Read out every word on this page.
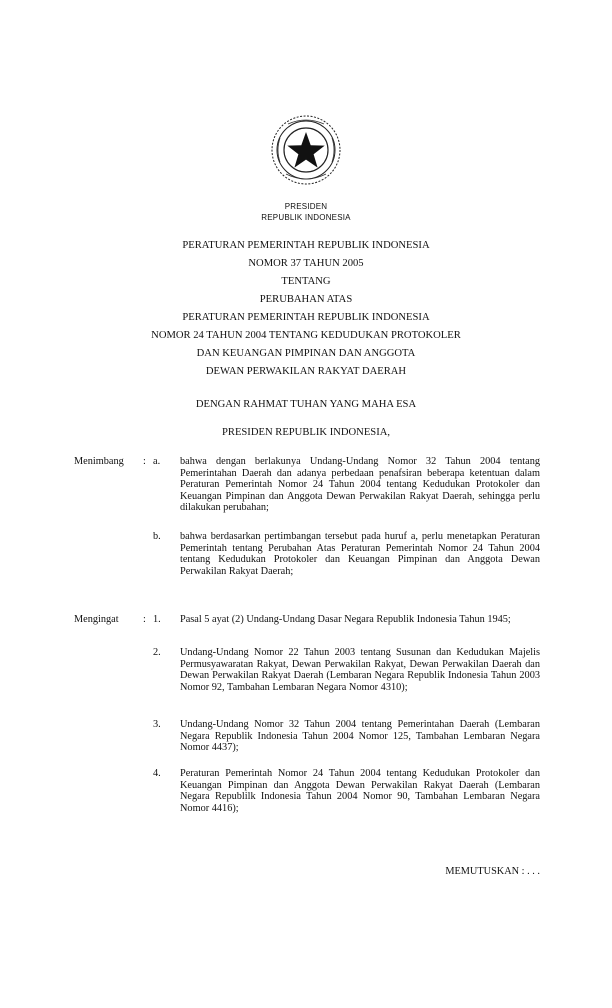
PRESIDEN
REPUBLIK INDONESIA
PERATURAN PEMERINTAH REPUBLIK INDONESIA
NOMOR 37 TAHUN 2005
TENTANG
PERUBAHAN ATAS
PERATURAN PEMERINTAH REPUBLIK INDONESIA
NOMOR 24 TAHUN 2004 TENTANG KEDUDUKAN PROTOKOLER
DAN KEUANGAN PIMPINAN DAN ANGGOTA
DEWAN PERWAKILAN RAKYAT DAERAH
DENGAN RAHMAT TUHAN YANG MAHA ESA
PRESIDEN REPUBLIK INDONESIA,
Menimbang : a. bahwa dengan berlakunya Undang-Undang Nomor 32 Tahun 2004 tentang Pemerintahan Daerah dan adanya perbedaan penafsiran beberapa ketentuan dalam Peraturan Pemerintah Nomor 24 Tahun 2004 tentang Kedudukan Protokoler dan Keuangan Pimpinan dan Anggota Dewan Perwakilan Rakyat Daerah, sehingga perlu dilakukan perubahan;
b. bahwa berdasarkan pertimbangan tersebut pada huruf a, perlu menetapkan Peraturan Pemerintah tentang Perubahan Atas Peraturan Pemerintah Nomor 24 Tahun 2004 tentang Kedudukan Protokoler dan Keuangan Pimpinan dan Anggota Dewan Perwakilan Rakyat Daerah;
Mengingat : 1. Pasal 5 ayat (2) Undang-Undang Dasar Negara Republik Indonesia Tahun 1945;
2. Undang-Undang Nomor 22 Tahun 2003 tentang Susunan dan Kedudukan Majelis Permusyawaratan Rakyat, Dewan Perwakilan Rakyat, Dewan Perwakilan Daerah dan Dewan Perwakilan Rakyat Daerah (Lembaran Negara Republik Indonesia Tahun 2003 Nomor 92, Tambahan Lembaran Negara Nomor 4310);
3. Undang-Undang Nomor 32 Tahun 2004 tentang Pemerintahan Daerah (Lembaran Negara Republik Indonesia Tahun 2004 Nomor 125, Tambahan Lembaran Negara Nomor 4437);
4. Peraturan Pemerintah Nomor 24 Tahun 2004 tentang Kedudukan Protokoler dan Keuangan Pimpinan dan Anggota Dewan Perwakilan Rakyat Daerah (Lembaran Negara Republilk Indonesia Tahun 2004 Nomor 90, Tambahan Lembaran Negara Nomor 4416);
MEMUTUSKAN : . . .
